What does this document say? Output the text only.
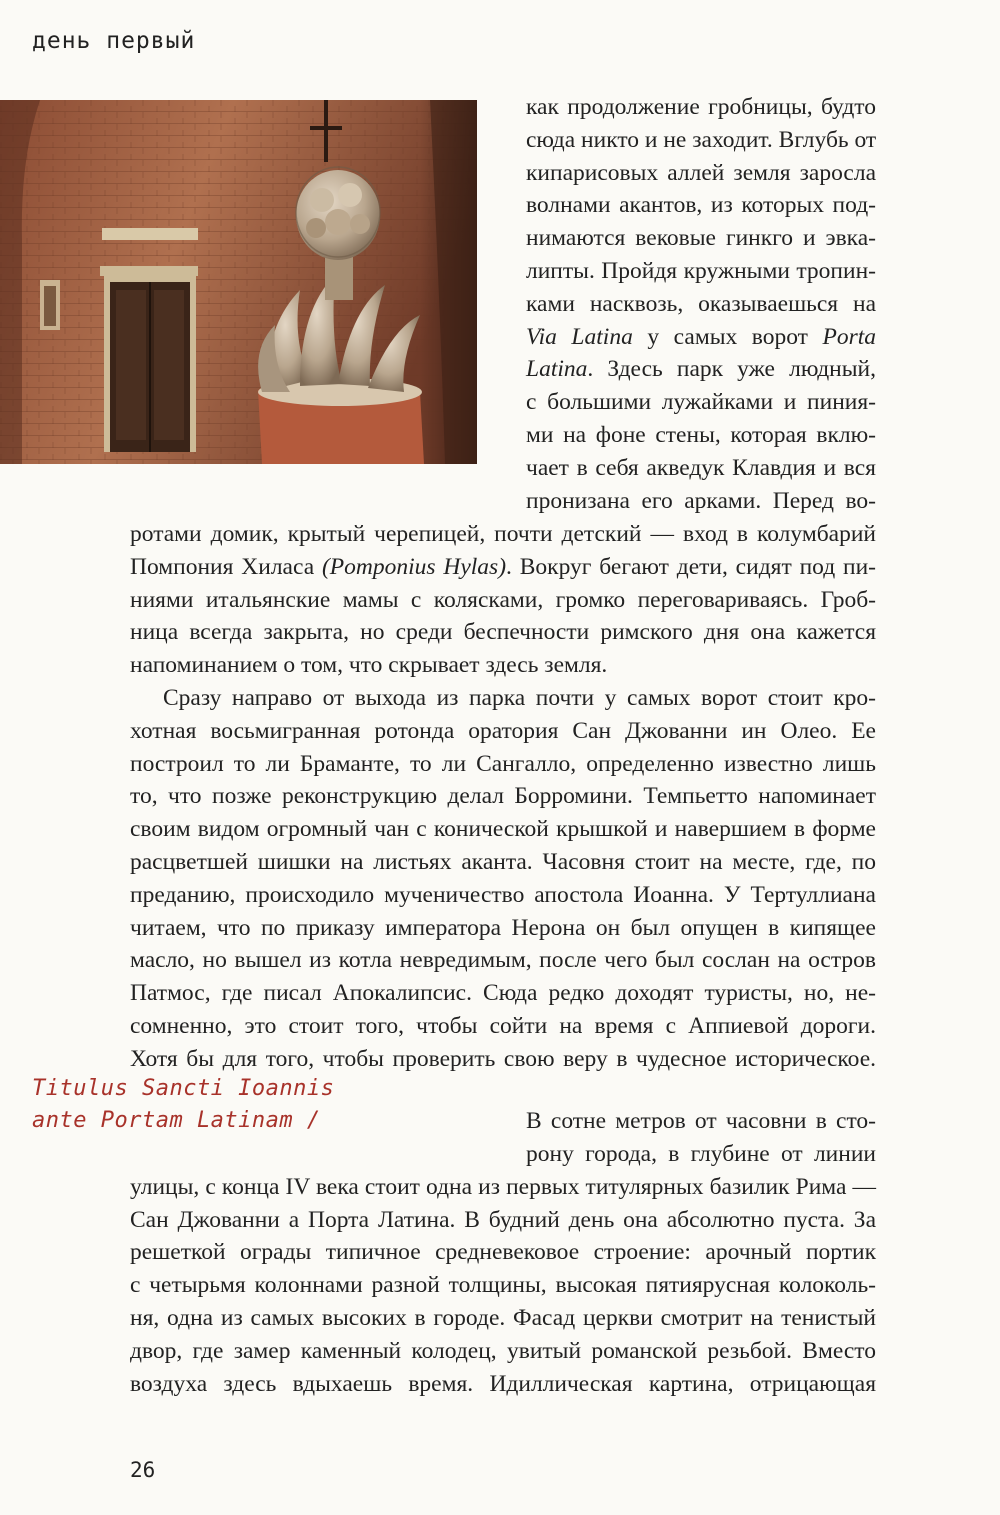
день первый
как продолжение гробницы, будто
сюда никто и не заходит. Вглубь от
кипарисовых аллей земля заросла
волнами акантов, из которых под-
нимаются вековые гинкго и эвка-
липты. Пройдя кружными тропин-
ками насквозь, оказываешься на
Via Latina у самых ворот Porta
Latina. Здесь парк уже людный,
с большими лужайками и пиния-
ми на фоне стены, которая вклю-
чает в себя акведук Клавдия и вся
пронизана его арками. Перед во-
ротами домик, крытый черепицей, почти детский — вход в колумбарий
Помпония Хиласа (Pomponius Hylas). Вокруг бегают дети, сидят под пи-
ниями итальянские мамы с колясками, громко переговариваясь. Гроб-
ница всегда закрыта, но среди беспечности римского дня она кажется
напоминанием о том, что скрывает здесь земля.
Сразу направо от выхода из парка почти у самых ворот стоит кро-
хотная восьмигранная ротонда оратория Сан Джованни ин Олео. Ее
построил то ли Браманте, то ли Сангалло, определенно известно лишь
то, что позже реконструкцию делал Борромини. Темпьетто напоминает
своим видом огромный чан с конической крышкой и навершием в форме
расцветшей шишки на листьях аканта. Часовня стоит на месте, где, по
преданию, происходило мученичество апостола Иоанна. У Тертуллиана
читаем, что по приказу императора Нерона он был опущен в кипящее
масло, но вышел из котла невредимым, после чего был сослан на остров
Патмос, где писал Апокалипсис. Сюда редко доходят туристы, но, не-
сомненно, это стоит того, чтобы сойти на время с Аппиевой дороги.
Хотя бы для того, чтобы проверить свою веру в чудесное историческое.
Titulus Sancti Ioannis
ante Portam Latinam /	В сотне метров от часовни в сто-
рону города, в глубине от линии
улицы, с конца IV века стоит одна из первых титулярных базилик Рима —
Сан Джованни а Порта Латина. В будний день она абсолютно пуста. За
решеткой ограды типичное средневековое строение: арочный портик
с четырьмя колоннами разной толщины, высокая пятиярусная колоколь-
ня, одна из самых высоких в городе. Фасад церкви смотрит на тенистый
двор, где замер каменный колодец, увитый романской резьбой. Вместо
воздуха здесь вдыхаешь время. Идиллическая картина, отрицающая
26
